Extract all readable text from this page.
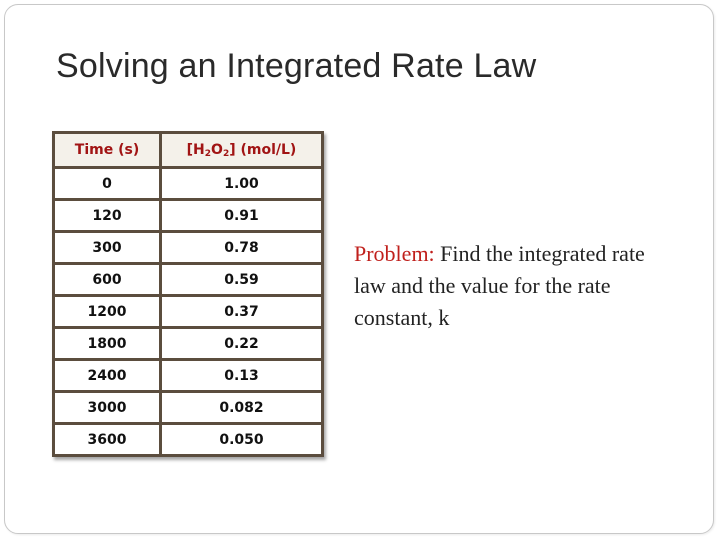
Solving an Integrated Rate Law
Time (s)	$[H_2O_2]$ (mol/L)
0	1.00
120	0.91
300	0.78
600	0.59
1200	0.37
1800	0.22
2400	0.13
3000	0.082
3600	0.050

Problem: Find the integrated rate law and the value for the rate constant, k
